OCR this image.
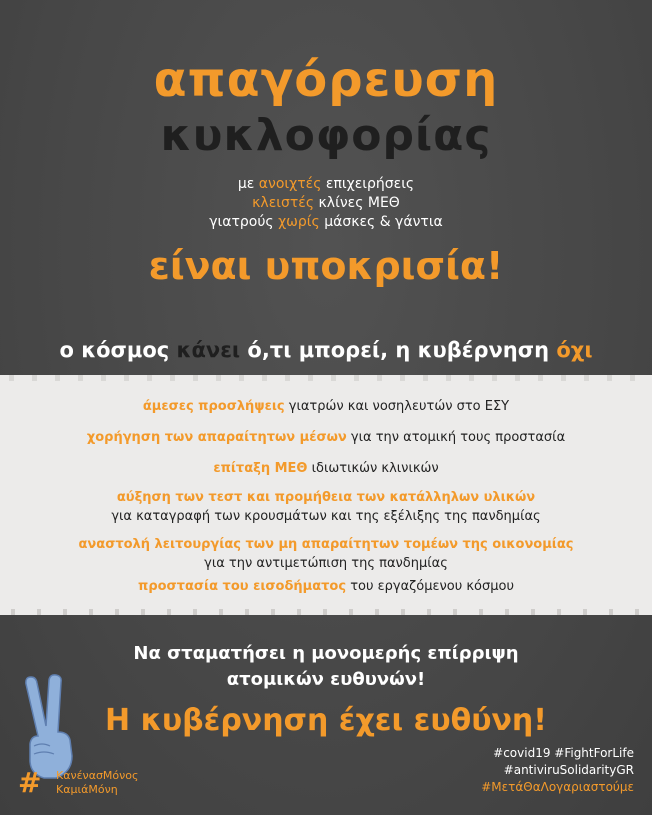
απαγόρευση
κυκλοφορίας
με ανοιχτές επιχειρήσεις
κλειστές κλίνες ΜΕΘ
γιατρούς χωρίς μάσκες & γάντια
είναι υποκρισία!
ο κόσμος κάνει ό,τι μπορεί, η κυβέρνηση όχι
άμεσες προσλήψεις γιατρών και νοσηλευτών στο ΕΣΥ
χορήγηση των απαραίτητων μέσων για την ατομική τους προστασία
επίταξη ΜΕΘ ιδιωτικών κλινικών
αύξηση των τεστ και προμήθεια των κατάλληλων υλικών
για καταγραφή των κρουσμάτων και της εξέλιξης της πανδημίας
αναστολή λειτουργίας των μη απαραίτητων τομέων της οικονομίας
για την αντιμετώπιση της πανδημίας
προστασία του εισοδήματος του εργαζόμενου κόσμου
Να σταματήσει η μονομερής επίρριψη
ατομικών ευθυνών!
Η κυβέρνηση έχει ευθύνη!
#	ΚανένασΜόνος
ΚαμιάΜόνη
#covid19 #FightForLife
#antiviruSolidarityGR
#ΜετάΘαΛογαριαστούμε
